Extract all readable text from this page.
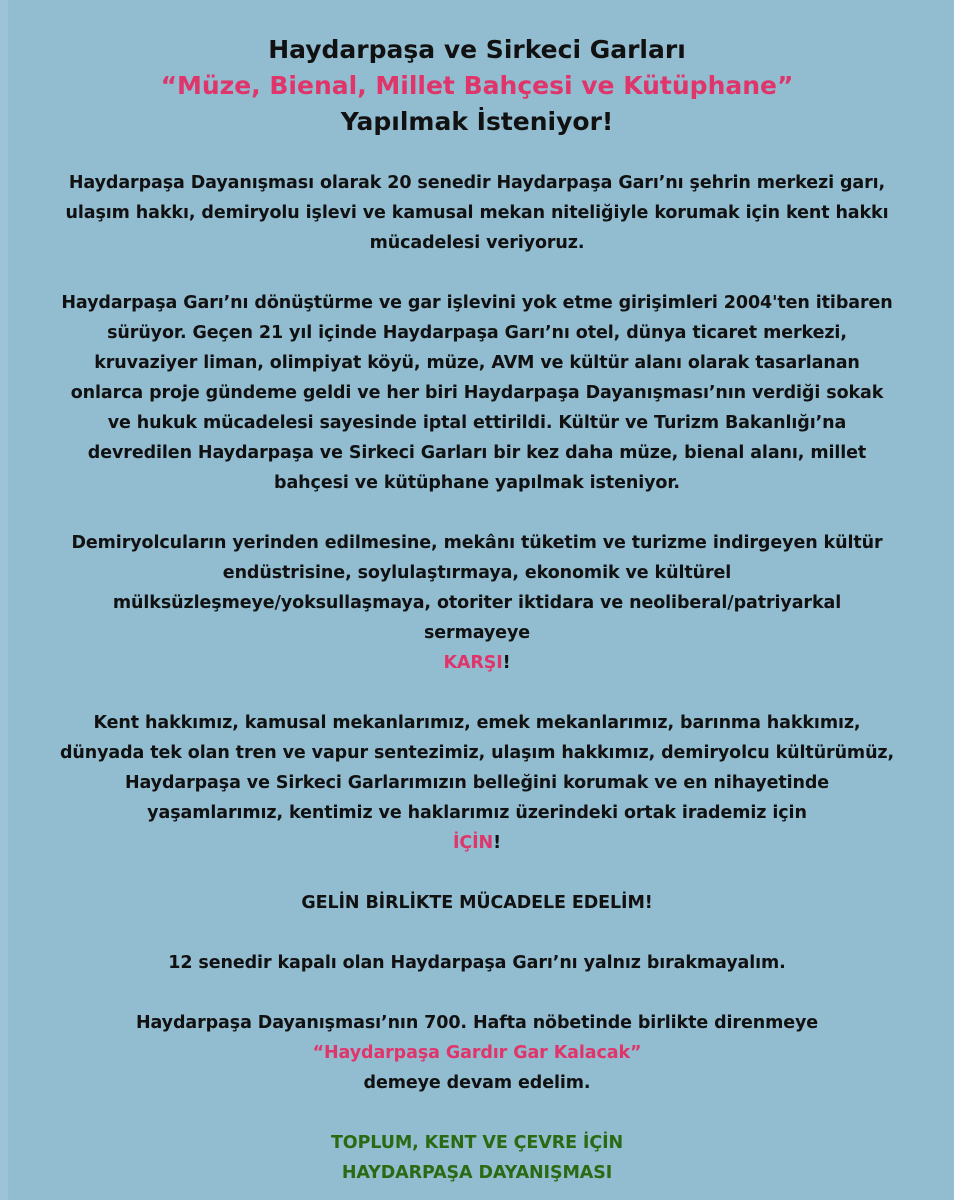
Haydarpaşa ve Sirkeci Garları
“Müze, Bienal, Millet Bahçesi ve Kütüphane”
Yapılmak İsteniyor!
Haydarpaşa Dayanışması olarak 20 senedir Haydarpaşa Garı’nı şehrin merkezi garı,
ulaşım hakkı, demiryolu işlevi ve kamusal mekan niteliğiyle korumak için kent hakkı
mücadelesi veriyoruz.
Haydarpaşa Garı’nı dönüştürme ve gar işlevini yok etme girişimleri 2004'ten itibaren
sürüyor. Geçen 21 yıl içinde Haydarpaşa Garı’nı otel, dünya ticaret merkezi,
kruvaziyer liman, olimpiyat köyü, müze, AVM ve kültür alanı olarak tasarlanan
onlarca proje gündeme geldi ve her biri Haydarpaşa Dayanışması’nın verdiği sokak
ve hukuk mücadelesi sayesinde iptal ettirildi. Kültür ve Turizm Bakanlığı’na
devredilen Haydarpaşa ve Sirkeci Garları bir kez daha müze, bienal alanı, millet
bahçesi ve kütüphane yapılmak isteniyor.
Demiryolcuların yerinden edilmesine, mekânı tüketim ve turizme indirgeyen kültür
endüstrisine, soylulaştırmaya, ekonomik ve kültürel
mülksüzleşmeye/yoksullaşmaya, otoriter iktidara ve neoliberal/patriyarkal
sermayeye
KARŞI!
Kent hakkımız, kamusal mekanlarımız, emek mekanlarımız, barınma hakkımız,
dünyada tek olan tren ve vapur sentezimiz, ulaşım hakkımız, demiryolcu kültürümüz,
Haydarpaşa ve Sirkeci Garlarımızın belleğini korumak ve en nihayetinde
yaşamlarımız, kentimiz ve haklarımız üzerindeki ortak irademiz için
İÇİN!
GELİN BİRLİKTE MÜCADELE EDELİM!
12 senedir kapalı olan Haydarpaşa Garı’nı yalnız bırakmayalım.
Haydarpaşa Dayanışması’nın 700. Hafta nöbetinde birlikte direnmeye
“Haydarpaşa Gardır Gar Kalacak”
demeye devam edelim.
TOPLUM, KENT VE ÇEVRE İÇİN
HAYDARPAŞA DAYANIŞMASI
